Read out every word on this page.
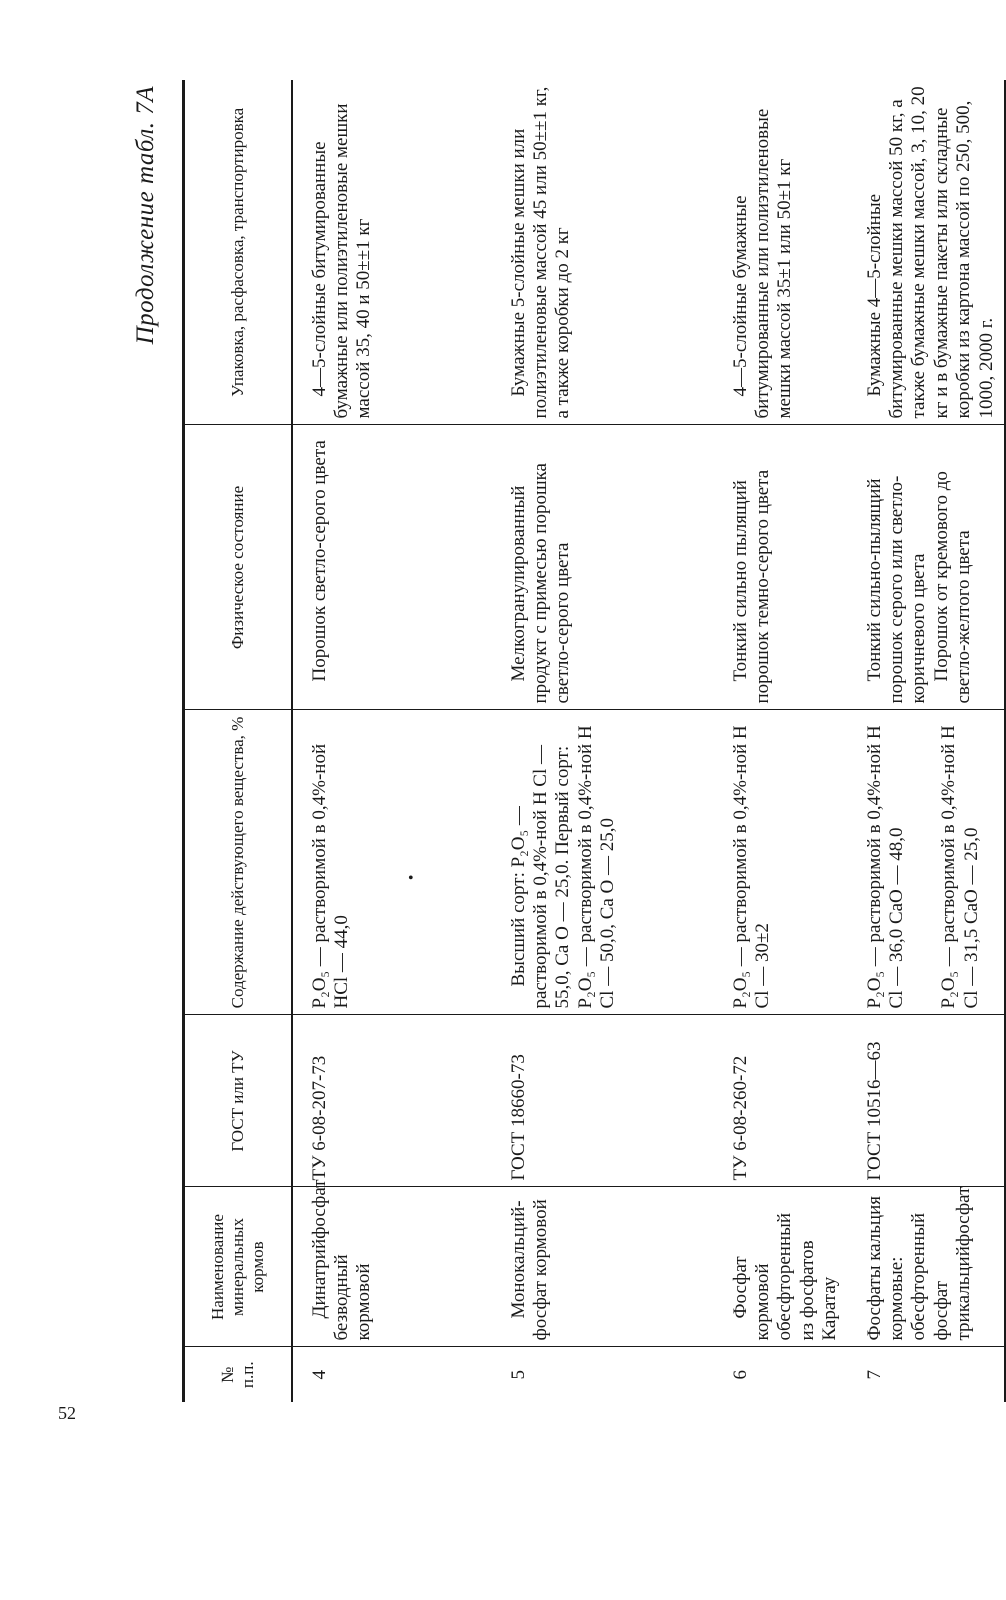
52
•
Продолжение табл. 7А
№ п.п.	Наименование минеральных кормов	ГОСТ или ТУ	Содержание действующего вещества, %	Физическое состояние	Упаковка, расфасовка, транспортировка
4	Динатрийфосфат безводный кормовой	ТУ 6-08-207-73	P₂O₅ — растворимой в 0,4%-ной НСl — 44,0	Порошок светло-серого цвета	4—5-слойные битумированные бумажные или полиэтиленовые мешки массой 35, 40 и 50±±1 кг
5	Монокальций-фосфат кормовой	ГОСТ 18660-73	Высший сорт: P₂O₅ — растворимой в 0,4%-ной Н Сl — 55,0, Са О — 25,0. Первый сорт: P₂O₅ — растворимой в 0,4%-ной Н Сl — 50,0, Са О — 25,0	Мелкогранулированный продукт с примесью порошка светло-серого цвета	Бумажные 5-слойные мешки или полиэтиленовые массой 45 или 50±±1 кг, а также коробки до 2 кг
6	Фосфат кормовой обесфторенный из фосфатов Каратау	ТУ 6-08-260-72	P₂O₅ — растворимой в 0,4%-ной Н Сl — 30±2	Тонкий сильно пылящий порошок темно-серого цвета	4—5-слойные бумажные битумированные или полиэтиленовые мешки массой 35±1 или 50±1 кг
7	Фосфаты кальция кормовые: обесфторенный фосфат трикальцийфосфат	ГОСТ 10516—63	P₂O₅ — растворимой в 0,4%-ной Н Сl — 36,0 СаО — 48,0 P₂O₅ — растворимой в 0,4%-ной Н Сl — 31,5 СаО — 25,0	Тонкий сильно-пылящий порошок серого или светло-коричневого цвета Порошок от кремового до светло-желтого цвета	Бумажные 4—5-слойные битумированные мешки массой 50 кг, а также бумажные мешки массой, 3, 10, 20 кг и в бумажные пакеты или складные коробки из картона массой по 250, 500, 1000, 2000 г.
